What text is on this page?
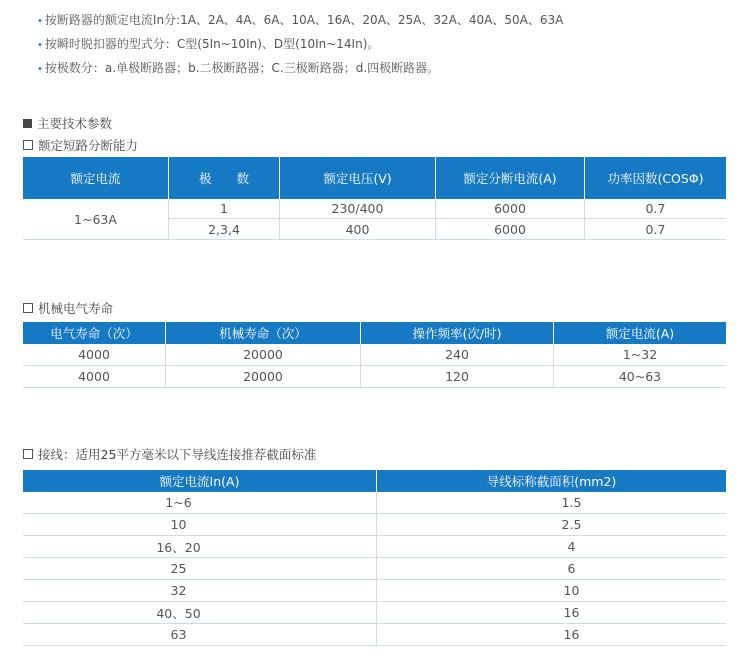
• 按断路器的额定电流In分:1A、2A、4A、6A、10A、16A、20A、25A、32A、40A、50A、63A
• 按瞬时脱扣器的型式分：C型(5In~10In)、D型(10In~14In)。
• 按极数分：a.单极断路器；b.二极断路器；C.三极断路器；d.四极断路器。
主要技术参数
额定短路分断能力
额定电流	极　　数	额定电压(V)	额定分断电流(A)	功率因数(COSΦ)
1~63A
1	230/400	6000	0.7
2,3,4	400	6000	0.7
机械电气寿命
电气寿命（次）	机械寿命（次）	操作频率(次/时)	额定电流(A)
4000	20000	240	1~32
4000	20000	120	40~63
接线：适用25平方毫米以下导线连接推荐截面标准
额定电流In(A)	导线标称截面积(mm2)
1~6	1.5
10	2.5
16、20	4
25	6
32	10
40、50	16
63	16
